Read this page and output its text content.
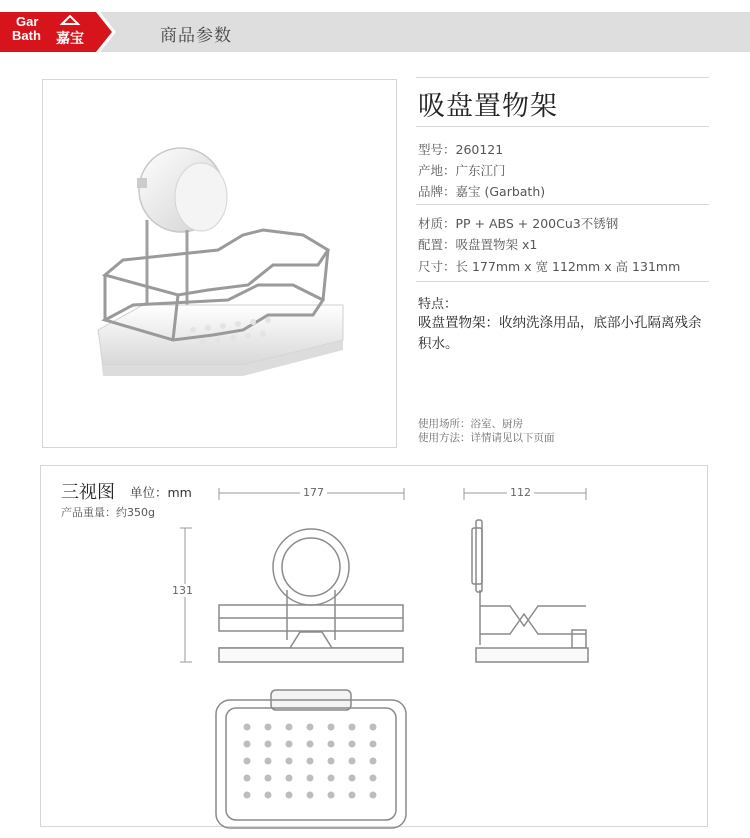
Gar
Bath 嘉宝	商品参数
吸盘置物架
型号：260121
产地：广东江门
品牌：嘉宝 (Garbath)
材质：PP + ABS + 200Cu3不锈钢
配置：吸盘置物架 x1
尺寸：长 177mm x 宽 112mm x 高 131mm
特点：
吸盘置物架：收纳洗涤用品，底部小孔隔离残余积水。
使用场所：浴室、厨房
使用方法：详情请见以下页面
三视图 单位：mm
产品重量：约350g
177	112
131
